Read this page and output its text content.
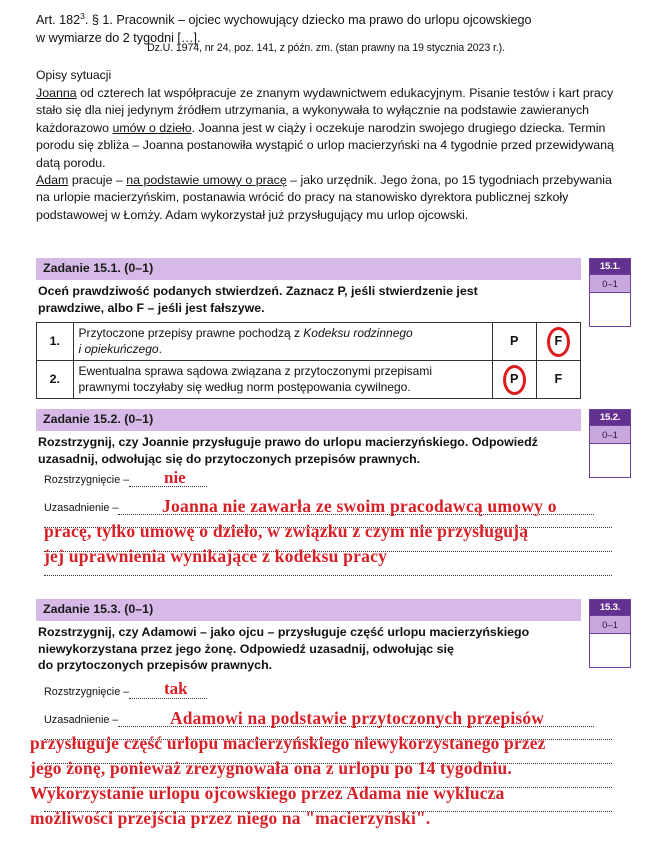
Art. $182^3$. § 1. Pracownik – ojciec wychowujący dziecko ma prawo do urlopu ojcowskiego
w wymiarze do 2 tygodni […].
Dz.U. 1974, nr 24, poz. 141, z późn. zm. (stan prawny na 19 stycznia 2023 r.).
Opisy sytuacji

Joanna od czterech lat współpracuje ze znanym wydawnictwem edukacyjnym. Pisanie testów i kart pracy stało się dla niej jedynym źródłem utrzymania, a wykonywała to wyłącznie na podstawie zawieranych każdorazowo umów o dzieło. Joanna jest w ciąży i oczekuje narodzin swojego drugiego dziecka. Termin porodu się zbliża – Joanna postanowiła wystąpić o urlop macierzyński na 4 tygodnie przed przewidywaną datą porodu.

Adam pracuje – na podstawie umowy o pracę – jako urzędnik. Jego żona, po 15 tygodniach przebywania na urlopie macierzyńskim, postanawia wrócić do pracy na stanowisko dyrektora publicznej szkoły podstawowej w Łomży. Adam wykorzystał już przysługujący mu urlop ojcowski.

Zadanie 15.1. (0–1)
Oceń prawdziwość podanych stwierdzeń. Zaznacz P, jeśli stwierdzenie jest
prawdziwe, albo F – jeśli jest fałszywe.
15.1.
0–1
1.	Przytoczone przepisy prawne pochodzą z Kodeksu rodzinnego
i opiekuńczego.	P	F
2.	Ewentualna sprawa sądowa związana z przytoczonymi przepisami
prawnymi toczyłaby się według norm postępowania cywilnego.	P	F
Zadanie 15.2. (0–1)
Rozstrzygnij, czy Joannie przysługuje prawo do urlopu macierzyńskiego. Odpowiedź
uzasadnij, odwołując się do przytoczonych przepisów prawnych.
15.2.
0–1
Rozstrzygnięcie –	nie
Uzasadnienie –	Joanna nie zawarła ze swoim pracodawcą umowy o
pracę, tylko umowę o dzieło, w związku z czym nie przysługują
jej uprawnienia wynikające z kodeksu pracy
Zadanie 15.3. (0–1)
Rozstrzygnij, czy Adamowi – jako ojcu – przysługuje część urlopu macierzyńskiego
niewykorzystana przez jego żonę. Odpowiedź uzasadnij, odwołując się
do przytoczonych przepisów prawnych.
15.3.
0–1
Rozstrzygnięcie –	tak
Uzasadnienie –	Adamowi na podstawie przytoczonych przepisów
przysługuje część urlopu macierzyńskiego niewykorzystanego przez
jego żonę, ponieważ zrezygnowała ona z urlopu po 14 tygodniu.
Wykorzystanie urlopu ojcowskiego przez Adama nie wyklucza
możliwości przejścia przez niego na "macierzyński".
